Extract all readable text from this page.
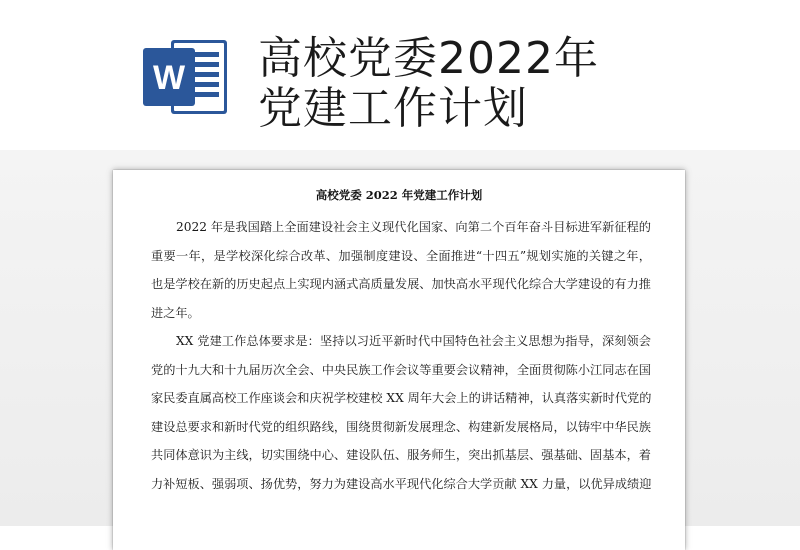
W 高校党委2022年
党建工作计划
高校党委 2022 年党建工作计划
2022 年是我国踏上全面建设社会主义现代化国家、向第二个百年奋斗目标进军新征程的
重要一年，是学校深化综合改革、加强制度建设、全面推进“十四五”规划实施的关键之年，
也是学校在新的历史起点上实现内涵式高质量发展、加快高水平现代化综合大学建设的有力推
进之年。
XX 党建工作总体要求是：坚持以习近平新时代中国特色社会主义思想为指导，深刻领会
党的十九大和十九届历次全会、中央民族工作会议等重要会议精神，全面贯彻陈小江同志在国
家民委直属高校工作座谈会和庆祝学校建校 XX 周年大会上的讲话精神，认真落实新时代党的
建设总要求和新时代党的组织路线，围绕贯彻新发展理念、构建新发展格局，以铸牢中华民族
共同体意识为主线，切实围绕中心、建设队伍、服务师生，突出抓基层、强基础、固基本，着
力补短板、强弱项、扬优势，努力为建设高水平现代化综合大学贡献 XX 力量，以优异成绩迎
